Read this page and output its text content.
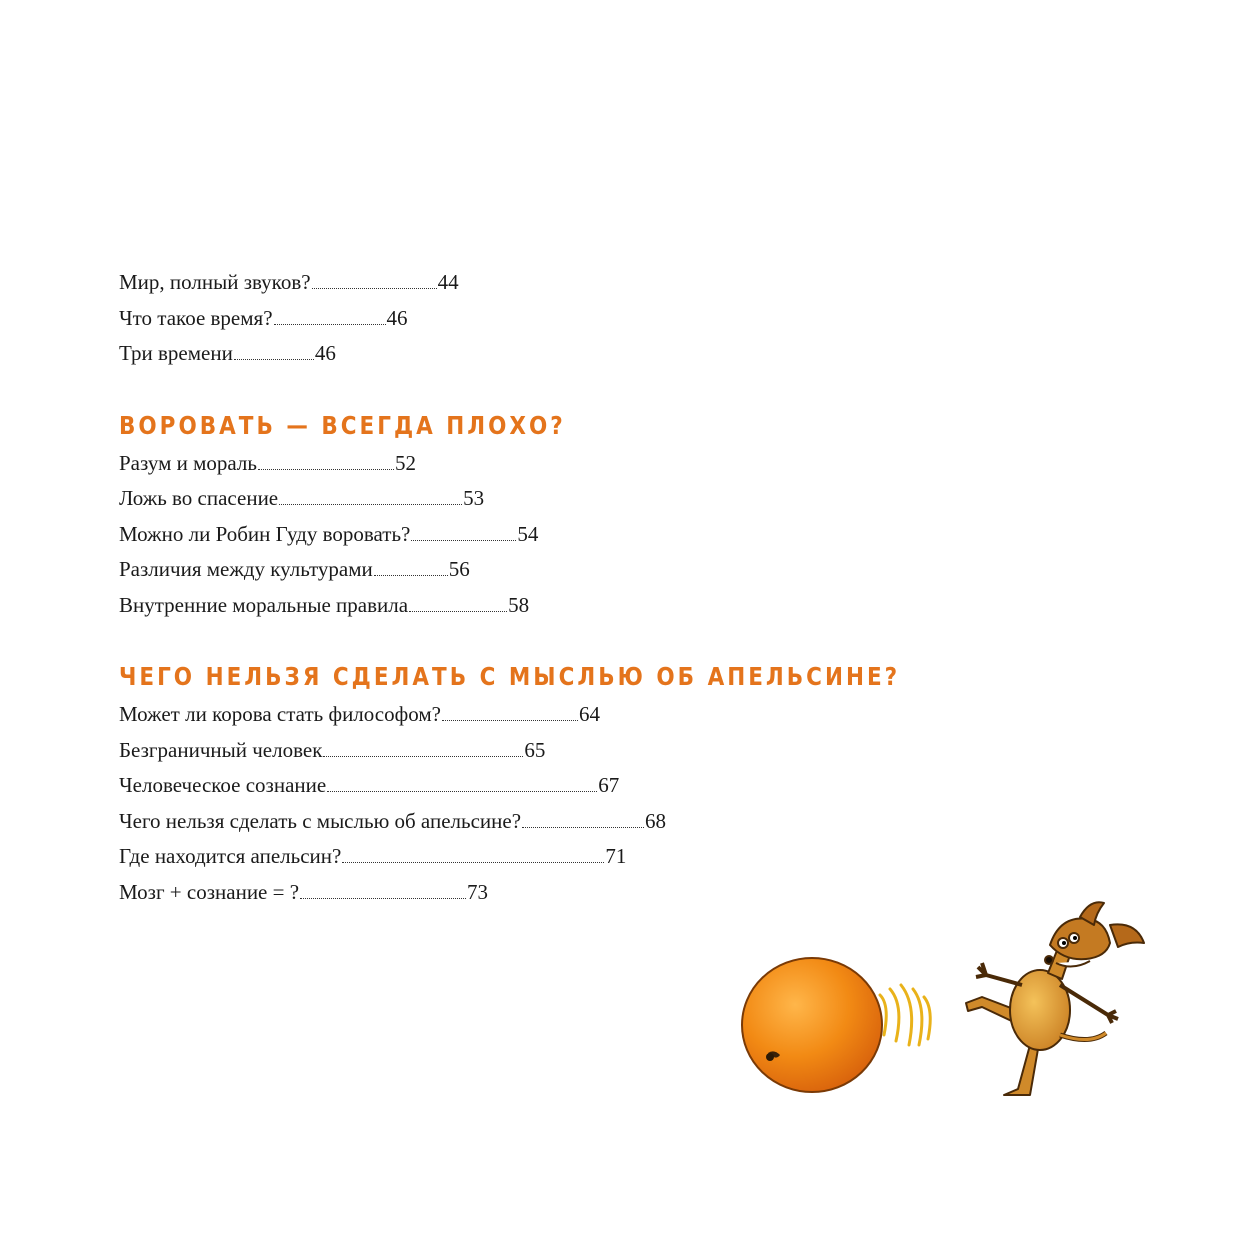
Мир, полный звуков?	44
Что такое время?	46
Три времени	46
ВОРОВАТЬ — ВСЕГДА ПЛОХО?
Разум и мораль	52
Ложь во спасение	53
Можно ли Робин Гуду воровать?	54
Различия между культурами	56
Внутренние моральные правила	58
ЧЕГО НЕЛЬЗЯ СДЕЛАТЬ С МЫСЛЬЮ ОБ АПЕЛЬСИНЕ?
Может ли корова стать философом?	64
Безграничный человек	65
Человеческое сознание	67
Чего нельзя сделать с мыслью об апельсине?	68
Где находится апельсин?	71
Мозг + сознание = ?	73
